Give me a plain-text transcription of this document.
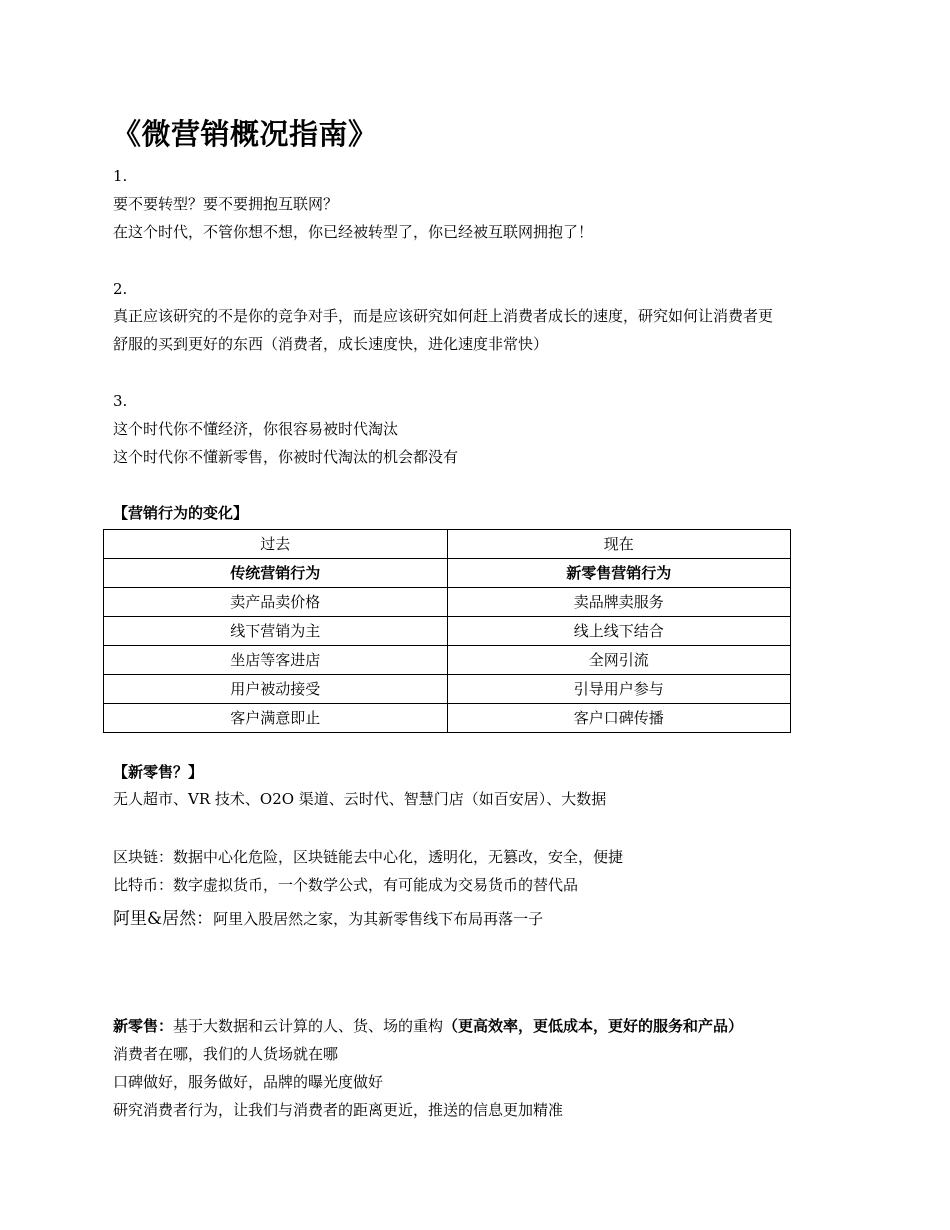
《微营销概况指南》

1.

要不要转型？要不要拥抱互联网？

在这个时代，不管你想不想，你已经被转型了，你已经被互联网拥抱了！

2.

真正应该研究的不是你的竞争对手，而是应该研究如何赶上消费者成长的速度，研究如何让消费者更

舒服的买到更好的东西（消费者，成长速度快，进化速度非常快）

3.

这个时代你不懂经济，你很容易被时代淘汰

这个时代你不懂新零售，你被时代淘汰的机会都没有

【营销行为的变化】

过去	现在
传统营销行为	新零售营销行为
卖产品卖价格	卖品牌卖服务
线下营销为主	线上线下结合
坐店等客进店	全网引流
用户被动接受	引导用户参与
客户满意即止	客户口碑传播

【新零售？】

无人超市、VR 技术、O2O 渠道、云时代、智慧门店（如百安居）、大数据

区块链：数据中心化危险，区块链能去中心化，透明化，无篡改，安全，便捷

比特币：数字虚拟货币，一个数学公式，有可能成为交易货币的替代品

阿里&居然：阿里入股居然之家，为其新零售线下布局再落一子

新零售：基于大数据和云计算的人、货、场的重构（更高效率，更低成本，更好的服务和产品）

消费者在哪，我们的人货场就在哪

口碑做好，服务做好，品牌的曝光度做好

研究消费者行为，让我们与消费者的距离更近，推送的信息更加精准
